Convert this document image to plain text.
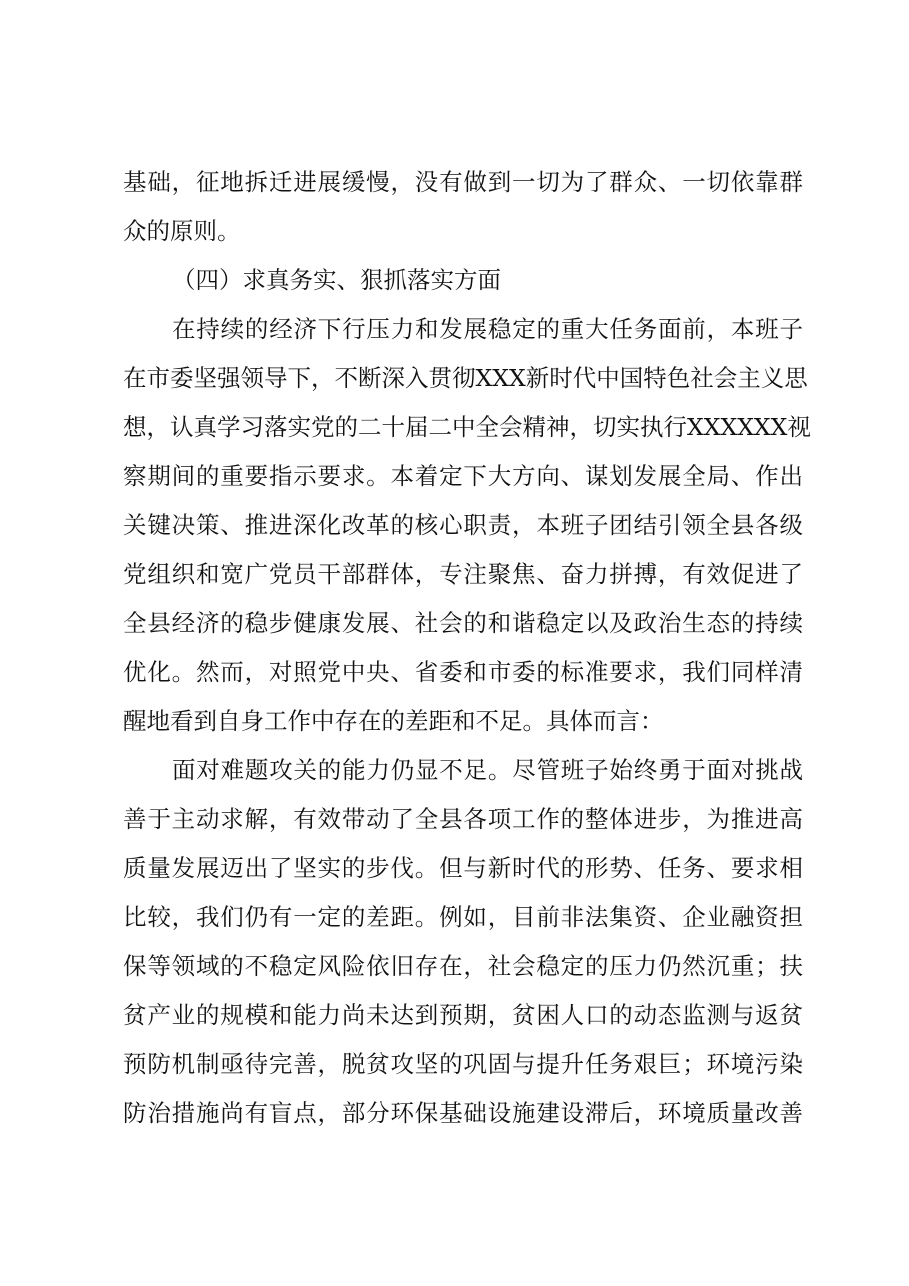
基础，征地拆迁进展缓慢，没有做到一切为了群众、一切依靠群
众的原则。
（四）求真务实、狠抓落实方面
在持续的经济下行压力和发展稳定的重大任务面前，本班子
在市委坚强领导下，不断深入贯彻XXX新时代中国特色社会主义思
想，认真学习落实党的二十届二中全会精神，切实执行XXXXXX视
察期间的重要指示要求。本着定下大方向、谋划发展全局、作出
关键决策、推进深化改革的核心职责，本班子团结引领全县各级
党组织和宽广党员干部群体，专注聚焦、奋力拼搏，有效促进了
全县经济的稳步健康发展、社会的和谐稳定以及政治生态的持续
优化。然而，对照党中央、省委和市委的标准要求，我们同样清
醒地看到自身工作中存在的差距和不足。具体而言：
面对难题攻关的能力仍显不足。尽管班子始终勇于面对挑战
善于主动求解，有效带动了全县各项工作的整体进步，为推进高
质量发展迈出了坚实的步伐。但与新时代的形势、任务、要求相
比较，我们仍有一定的差距。例如，目前非法集资、企业融资担
保等领域的不稳定风险依旧存在，社会稳定的压力仍然沉重；扶
贫产业的规模和能力尚未达到预期，贫困人口的动态监测与返贫
预防机制亟待完善，脱贫攻坚的巩固与提升任务艰巨；环境污染
防治措施尚有盲点，部分环保基础设施建设滞后，环境质量改善
